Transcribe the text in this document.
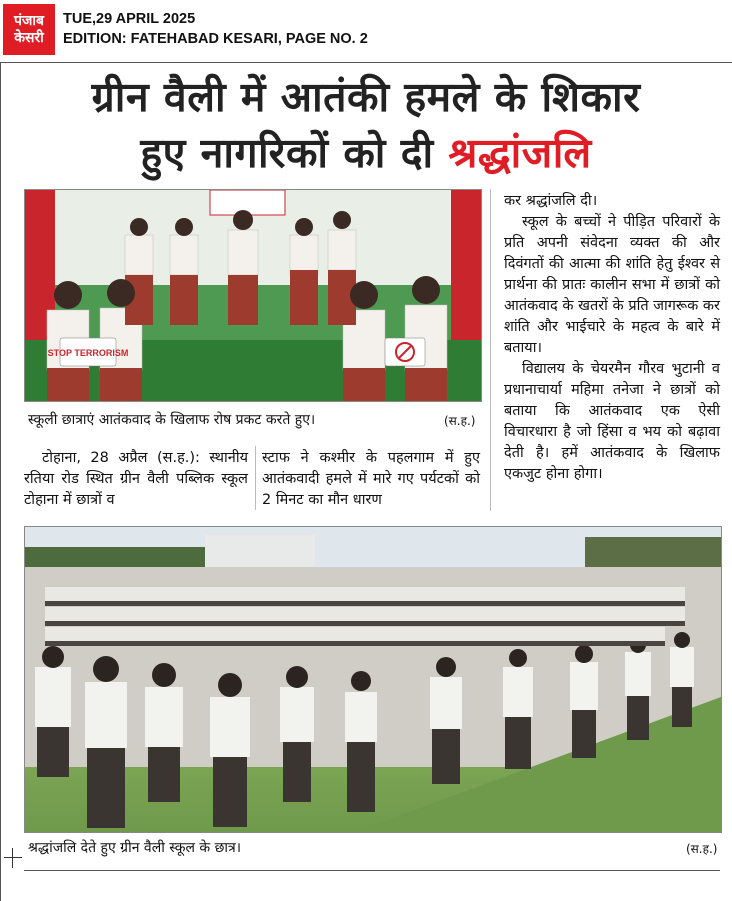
पंजाब
केसरी
TUE,29 APRIL 2025
EDITION: FATEHABAD KESARI, PAGE NO. 2
ग्रीन वैली में आतंकी हमले के शिकार
हुए नागरिकों को दी श्रद्धांजलि
STOP TERRORISM
स्कूली छात्राएं आतंकवाद के खिलाफ रोष प्रकट करते हुए।	(स.ह.)

टोहाना, 28 अप्रैल (स.ह.): स्थानीय रतिया रोड स्थित ग्रीन वैली पब्लिक स्कूल टोहाना में छात्रों व

स्टाफ ने कश्मीर के पहलगाम में हुए आतंकवादी हमले में मारे गए पर्यटकों को 2 मिनट का मौन धारण

कर श्रद्धांजलि दी।

स्कूल के बच्चों ने पीड़ित परिवारों के प्रति अपनी संवेदना व्यक्त की और दिवंगतों की आत्मा की शांति हेतु ईश्वर से प्रार्थना की प्रातः कालीन सभा में छात्रों को आतंकवाद के खतरों के प्रति जागरूक कर शांति और भाईचारे के महत्व के बारे में बताया।

विद्यालय के चेयरमैन गौरव भुटानी व प्रधानाचार्या महिमा तनेजा ने छात्रों को बताया कि आतंकवाद एक ऐसी विचारधारा है जो हिंसा व भय को बढ़ावा देती है। हमें आतंकवाद के खिलाफ एकजुट होना होगा।

श्रद्धांजलि देते हुए ग्रीन वैली स्कूल के छात्र।	(स.ह.)
